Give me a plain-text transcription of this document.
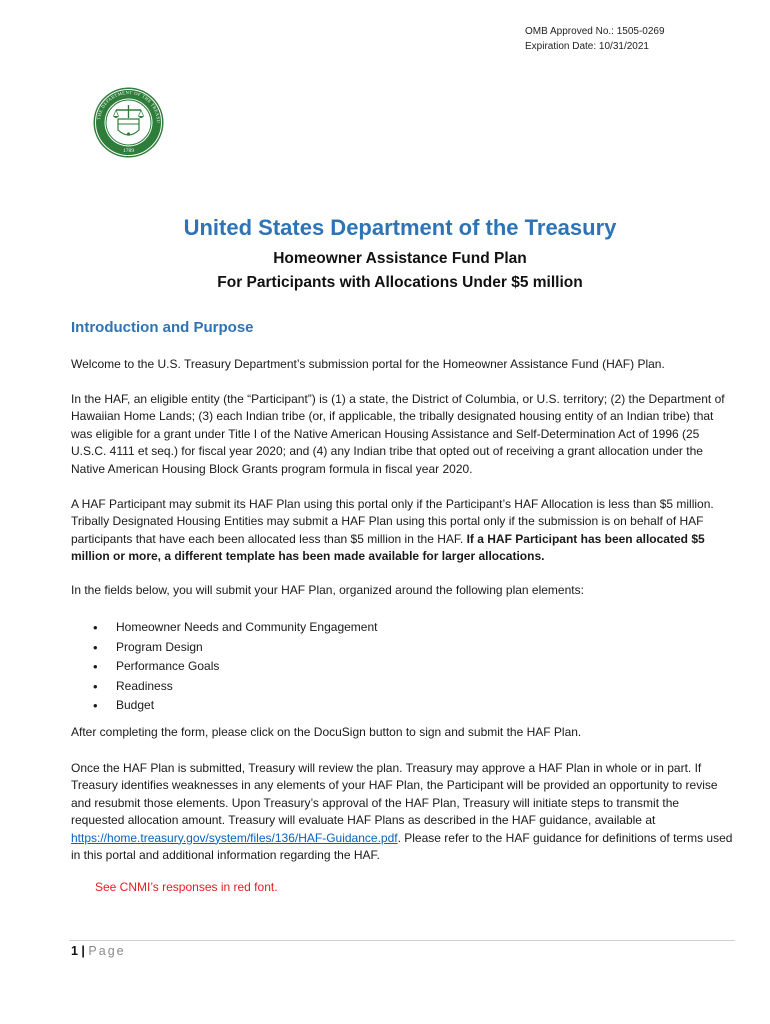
OMB Approved No.: 1505-0269
Expiration Date: 10/31/2021
THE DEPARTMENT OF THE TREASU
1789
United States Department of the Treasury
Homeowner Assistance Fund Plan
For Participants with Allocations Under $5 million
Introduction and Purpose

Welcome to the U.S. Treasury Department’s submission portal for the Homeowner Assistance Fund (HAF) Plan.

In the HAF, an eligible entity (the “Participant”) is (1) a state, the District of Columbia, or U.S. territory; (2) the Department of Hawaiian Home Lands; (3) each Indian tribe (or, if applicable, the tribally designated housing entity of an Indian tribe) that was eligible for a grant under Title I of the Native American Housing Assistance and Self-Determination Act of 1996 (25 U.S.C. 4111 et seq.) for fiscal year 2020; and (4) any Indian tribe that opted out of receiving a grant allocation under the Native American Housing Block Grants program formula in fiscal year 2020.

A HAF Participant may submit its HAF Plan using this portal only if the Participant’s HAF Allocation is less than $5 million. Tribally Designated Housing Entities may submit a HAF Plan using this portal only if the submission is on behalf of HAF participants that have each been allocated less than $5 million in the HAF. If a HAF Participant has been allocated $5 million or more, a different template has been made available for larger allocations.

In the fields below, you will submit your HAF Plan, organized around the following plan elements:

• Homeowner Needs and Community Engagement
• Program Design
• Performance Goals
• Readiness
• Budget

After completing the form, please click on the DocuSign button to sign and submit the HAF Plan.

Once the HAF Plan is submitted, Treasury will review the plan. Treasury may approve a HAF Plan in whole or in part. If Treasury identifies weaknesses in any elements of your HAF Plan, the Participant will be provided an opportunity to revise and resubmit those elements. Upon Treasury’s approval of the HAF Plan, Treasury will initiate steps to transmit the requested allocation amount. Treasury will evaluate HAF Plans as described in the HAF guidance, available at https://home.treasury.gov/system/files/136/HAF-Guidance.pdf. Please refer to the HAF guidance for definitions of terms used in this portal and additional information regarding the HAF.

See CNMI’s responses in red font.
1 | Page
